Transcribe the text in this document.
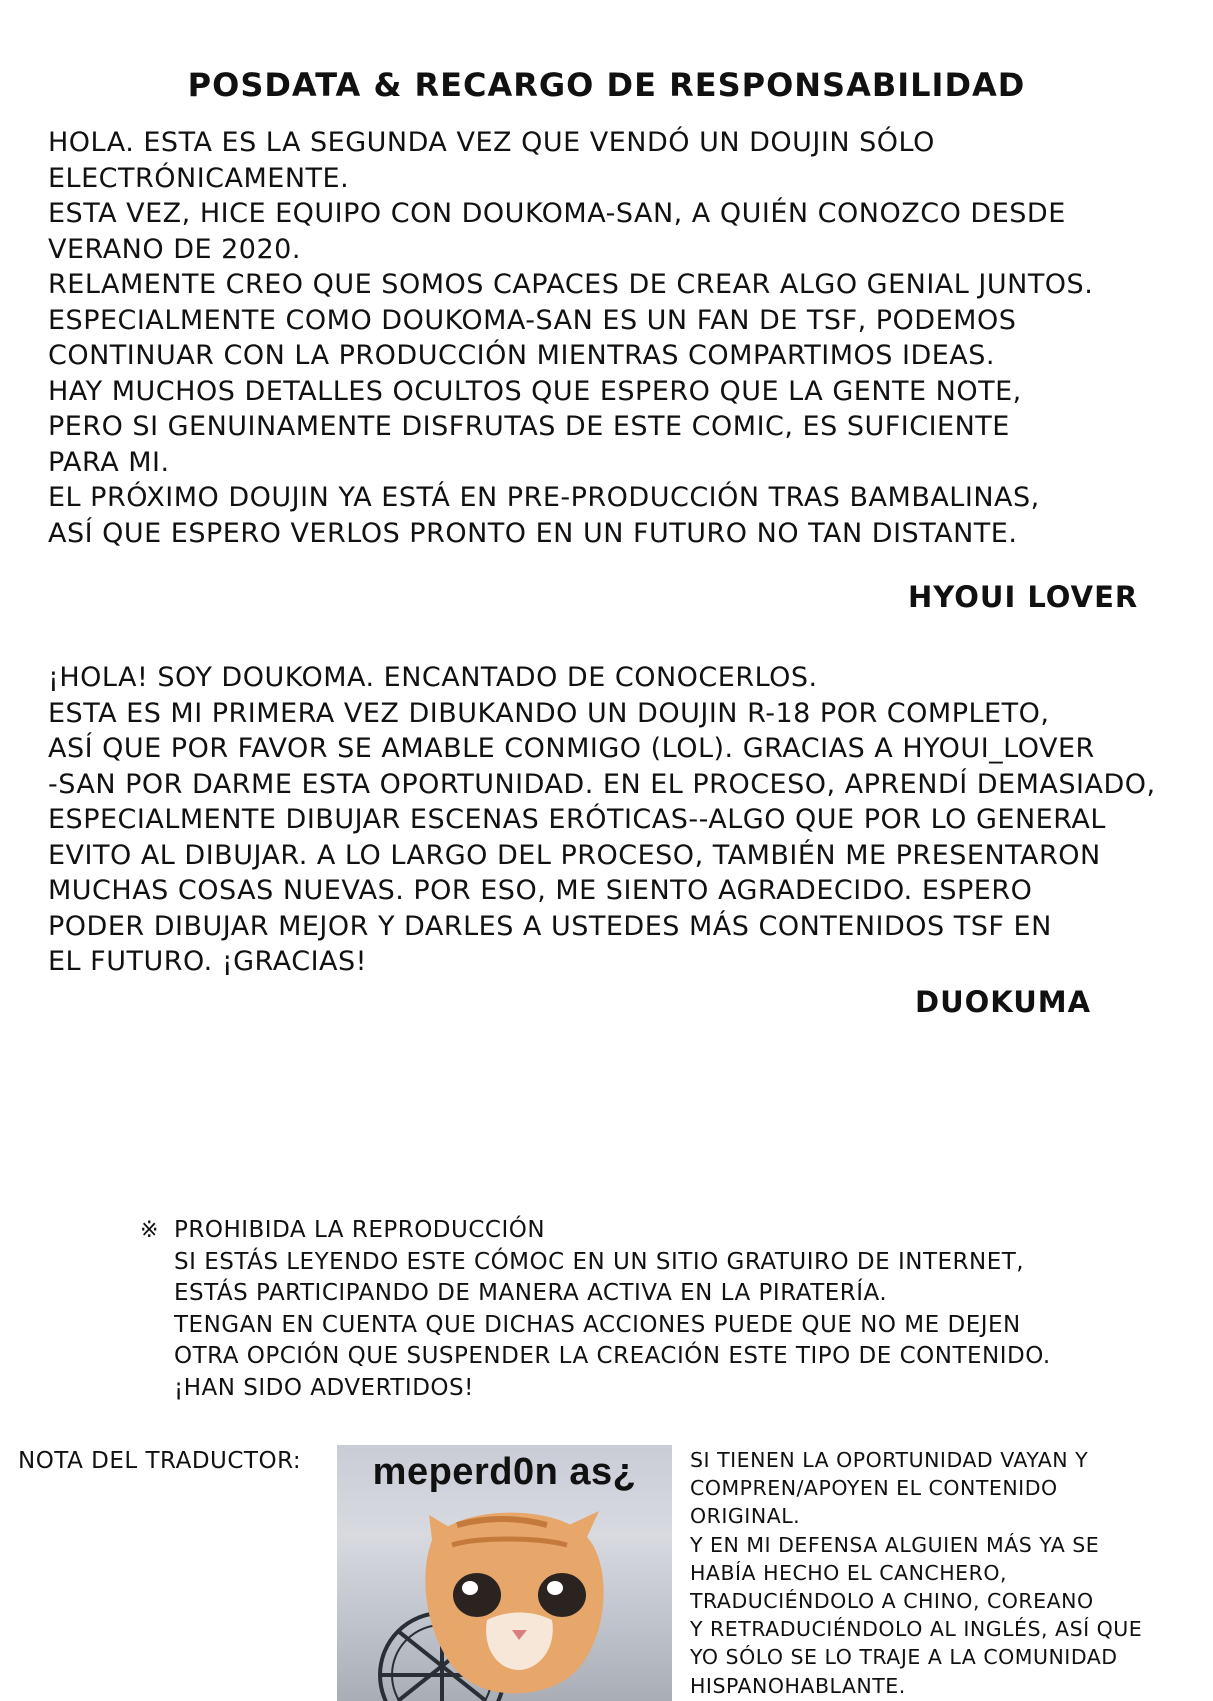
POSDATA & RECARGO DE RESPONSABILIDAD

HOLA. ESTA ES LA SEGUNDA VEZ QUE VENDÓ UN DOUJIN SÓLO

ELECTRÓNICAMENTE.

ESTA VEZ, HICE EQUIPO CON DOUKOMA-SAN, A QUIÉN CONOZCO DESDE

VERANO DE 2020.

RELAMENTE CREO QUE SOMOS CAPACES DE CREAR ALGO GENIAL JUNTOS.

ESPECIALMENTE COMO DOUKOMA-SAN ES UN FAN DE TSF, PODEMOS

CONTINUAR CON LA PRODUCCIÓN MIENTRAS COMPARTIMOS IDEAS.

HAY MUCHOS DETALLES OCULTOS QUE ESPERO QUE LA GENTE NOTE,

PERO SI GENUINAMENTE DISFRUTAS DE ESTE COMIC, ES SUFICIENTE

PARA MI.

EL PRÓXIMO DOUJIN YA ESTÁ EN PRE-PRODUCCIÓN TRAS BAMBALINAS,

ASÍ QUE ESPERO VERLOS PRONTO EN UN FUTURO NO TAN DISTANTE.

HYOUI LOVER

¡HOLA! SOY DOUKOMA. ENCANTADO DE CONOCERLOS.

ESTA ES MI PRIMERA VEZ DIBUKANDO UN DOUJIN R-18 POR COMPLETO,

ASÍ QUE POR FAVOR SE AMABLE CONMIGO (LOL). GRACIAS A HYOUI_LOVER

-SAN POR DARME ESTA OPORTUNIDAD. EN EL PROCESO, APRENDÍ DEMASIADO,

ESPECIALMENTE DIBUJAR ESCENAS ERÓTICAS--ALGO QUE POR LO GENERAL

EVITO AL DIBUJAR. A LO LARGO DEL PROCESO, TAMBIÉN ME PRESENTARON

MUCHAS COSAS NUEVAS. POR ESO, ME SIENTO AGRADECIDO. ESPERO

PODER DIBUJAR MEJOR Y DARLES A USTEDES MÁS CONTENIDOS TSF EN

EL FUTURO. ¡GRACIAS!

DUOKUMA

※ PROHIBIDA LA REPRODUCCIÓN

SI ESTÁS LEYENDO ESTE CÓMOC EN UN SITIO GRATUIRO DE INTERNET,

ESTÁS PARTICIPANDO DE MANERA ACTIVA EN LA PIRATERÍA.

TENGAN EN CUENTA QUE DICHAS ACCIONES PUEDE QUE NO ME DEJEN

OTRA OPCIÓN QUE SUSPENDER LA CREACIÓN ESTE TIPO DE CONTENIDO.

¡HAN SIDO ADVERTIDOS!

NOTA DEL TRADUCTOR:	meperd0n as¿	SI TIENEN LA OPORTUNIDAD VAYAN Y

COMPREN/APOYEN EL CONTENIDO

ORIGINAL.

Y EN MI DEFENSA ALGUIEN MÁS YA SE

HABÍA HECHO EL CANCHERO,

TRADUCIÉNDOLO A CHINO, COREANO

Y RETRADUCIÉNDOLO AL INGLÉS, ASÍ QUE

YO SÓLO SE LO TRAJE A LA COMUNIDAD

HISPANOHABLANTE.
